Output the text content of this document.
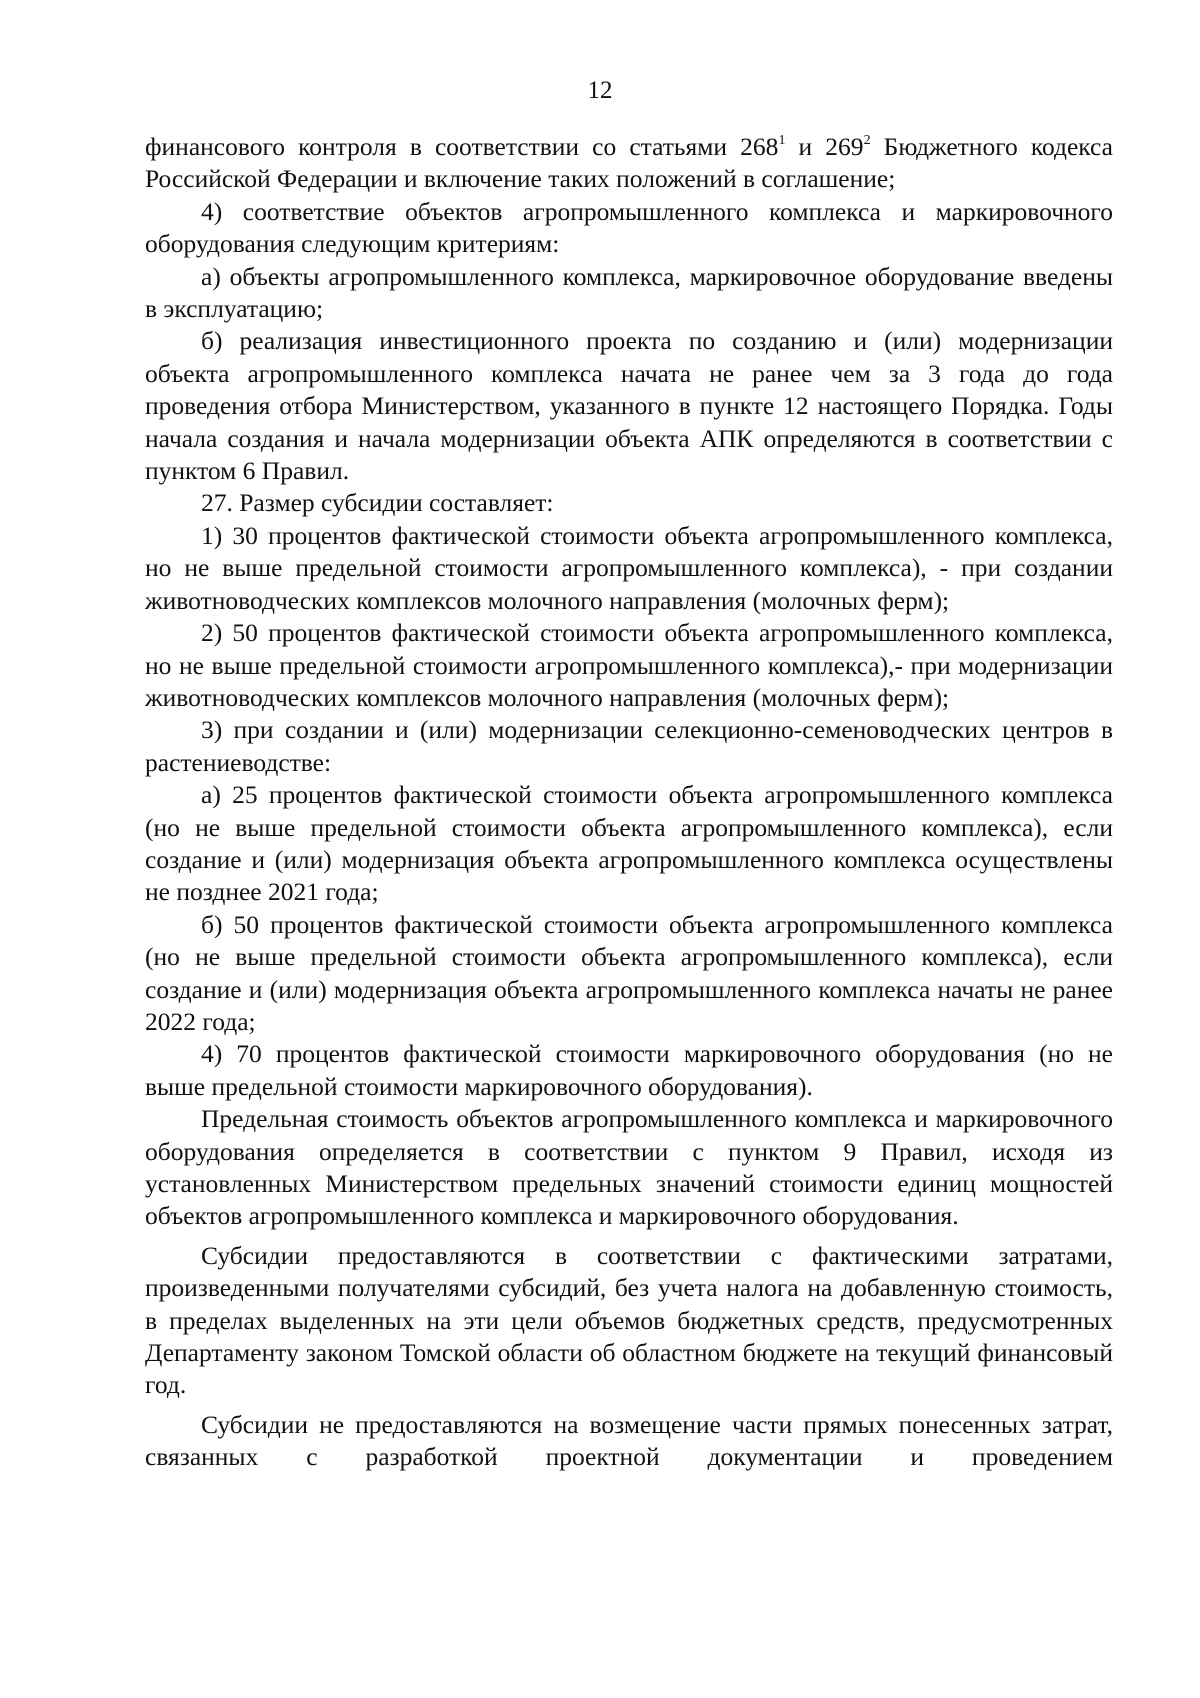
12

финансового контроля в соответствии со статьями $268^1$ и $269^2$ Бюджетного кодекса Российской Федерации и включение таких положений в соглашение;

4) соответствие объектов агропромышленного комплекса и маркировочного оборудования следующим критериям:

а) объекты агропромышленного комплекса, маркировочное оборудование введены в эксплуатацию;

б) реализация инвестиционного проекта по созданию и (или) модернизации объекта агропромышленного комплекса начата не ранее чем за 3 года до года проведения отбора Министерством, указанного в пункте 12 настоящего Порядка. Годы начала создания и начала модернизации объекта АПК определяются в соответствии с пунктом 6 Правил.

27. Размер субсидии составляет:

1) 30 процентов фактической стоимости объекта агропромышленного комплекса, но не выше предельной стоимости агропромышленного комплекса), - при создании животноводческих комплексов молочного направления (молочных ферм);

2) 50 процентов фактической стоимости объекта агропромышленного комплекса, но не выше предельной стоимости агропромышленного комплекса),- при модернизации животноводческих комплексов молочного направления (молочных ферм);

3) при создании и (или) модернизации селекционно-семеноводческих центров в растениеводстве:

а) 25 процентов фактической стоимости объекта агропромышленного комплекса (но не выше предельной стоимости объекта агропромышленного комплекса), если создание и (или) модернизация объекта агропромышленного комплекса осуществлены не позднее 2021 года;

б) 50 процентов фактической стоимости объекта агропромышленного комплекса (но не выше предельной стоимости объекта агропромышленного комплекса), если создание и (или) модернизация объекта агропромышленного комплекса начаты не ранее 2022 года;

4) 70 процентов фактической стоимости маркировочного оборудования (но не выше предельной стоимости маркировочного оборудования).

Предельная стоимость объектов агропромышленного комплекса и маркировочного оборудования определяется в соответствии с пунктом 9 Правил, исходя из установленных Министерством предельных значений стоимости единиц мощностей объектов агропромышленного комплекса и маркировочного оборудования.

Субсидии предоставляются в соответствии с фактическими затратами, произведенными получателями субсидий, без учета налога на добавленную стоимость, в пределах выделенных на эти цели объемов бюджетных средств, предусмотренных Департаменту законом Томской области об областном бюджете на текущий финансовый год.

Субсидии не предоставляются на возмещение части прямых понесенных затрат, связанных с разработкой проектной документации и проведением
